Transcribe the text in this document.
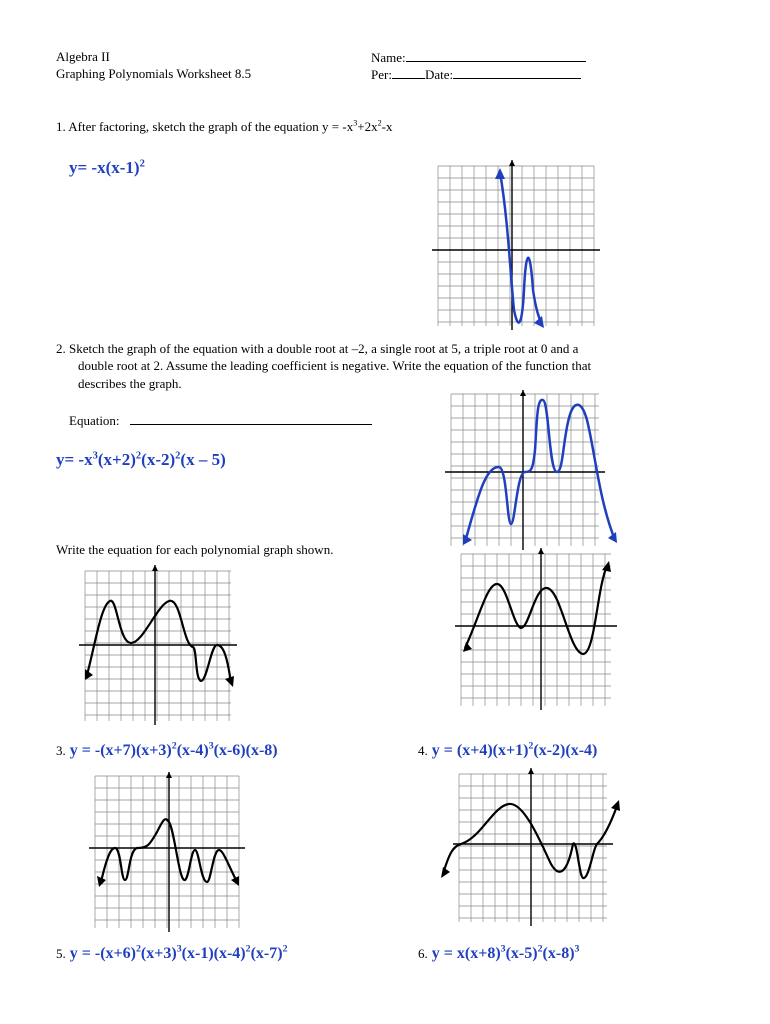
Algebra II
Graphing Polynomials Worksheet 8.5
Name:
Per:	Date:
1. After factoring, sketch the graph of the equation $y = -x^3+2x^2-x$
$y= -x(x-1)^2$
2. Sketch the graph of the equation with a double root at –2, a single root at 5, a triple root at 0 and a
double root at 2. Assume the leading coefficient is negative. Write the equation of the function that
describes the graph.
Equation:
$y= -x^3(x+2)^2(x-2)^2(x - 5)$
Write the equation for each polynomial graph shown.
3. $y = -(x+7)(x+3)^2(x-4)^3(x-6)(x-8)$	4. $y = (x+4)(x+1)^2(x-2)(x-4)$
5. $y = -(x+6)^2(x+3)^3(x-1)(x-4)^2(x-7)^2$	6. $y = x(x+8)^3(x-5)^2(x-8)^3$
